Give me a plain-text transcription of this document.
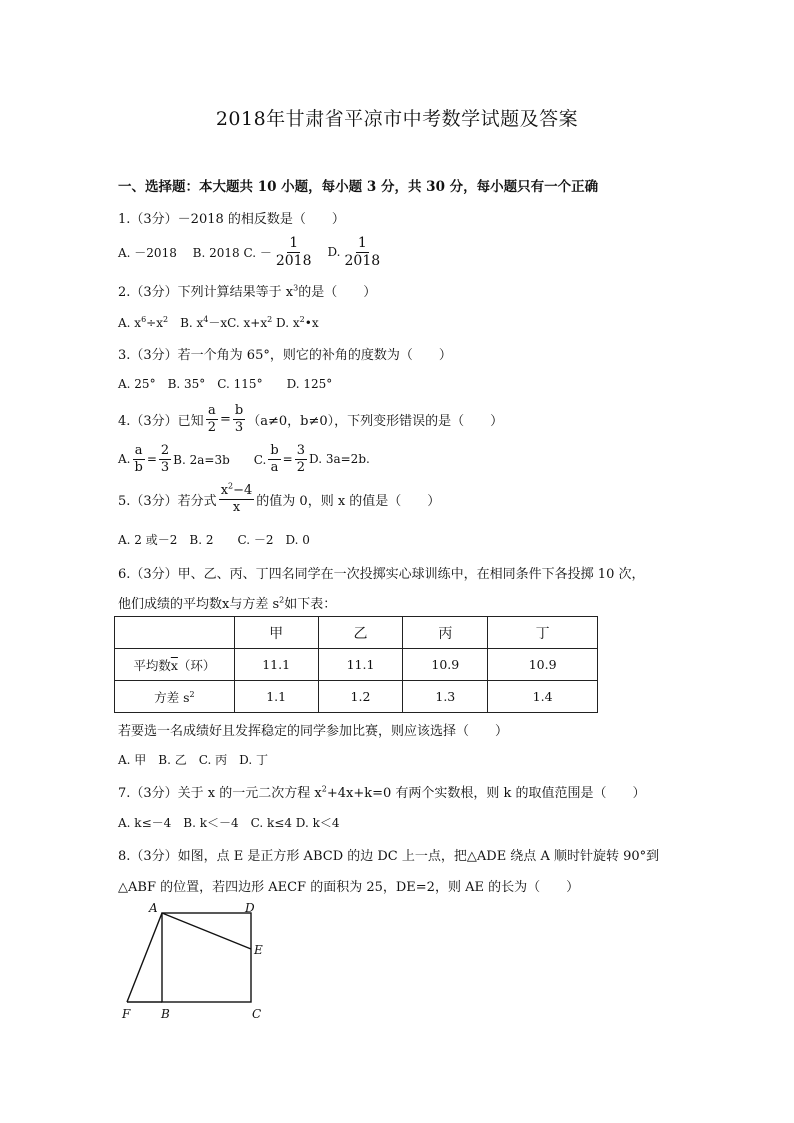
2018年甘肃省平凉市中考数学试题及答案
一、选择题：本大题共 10 小题，每小题 3 分，共 30 分，每小题只有一个正确
1.（3分）－2018 的相反数是（　　）
A. －2018　 B. 2018 C. － $\frac{1}{2018} D$. $\frac{1}{2018}$
2.（3分）下列计算结果等于 $x^3$的是（　　）
A. $x^6\div x^2$　B. $x^4-xC$. $x+x^2$ D. $x^2•x$
3.（3分）若一个角为 65°，则它的补角的度数为（　　）
A. 25°　B. 35°　C. 115°　　D. 125°
4.（3分）已知 $\frac{a}{2} = \frac{b}{3} (a\ne 0$，b≠0），下列变形错误的是（　　）
A. $\frac{a}{b} = \frac{2}{3} B$. 2a=3b　　C. $\frac{b}{a} = \frac{3}{2} D$. 3a=2b.
5.（3分）若分式 $\frac{x^2-4}{x}$ 的值为 0，则 x 的值是（　　）
A. 2 或－2　B. 2　　C. －2　D. 0
6.（3分）甲、乙、丙、丁四名同学在一次投掷实心球训练中，在相同条件下各投掷 10 次，
他们成绩的平均数x与方差 $s^2$如下表：
	甲	乙	丙	丁
平均数$\overline{x}$（环）	11.1	11.1	10.9	10.9
方差 $s^2$	1.1	1.2	1.3	1.4
若要选一名成绩好且发挥稳定的同学参加比赛，则应该选择（　　）
A. 甲　B. 乙　C. 丙　D. 丁
7.（3分）关于 x 的一元二次方程 $x^2+4x+k=0$ 有两个实数根，则 k 的取值范围是（　　）
A. k≤－4　B. k＜－4　C. k≤4 D. k＜4
8.（3分）如图，点 E 是正方形 ABCD 的边 DC 上一点，把△ADE 绕点 A 顺时针旋转 90°到
△ABF 的位置，若四边形 AECF 的面积为 25，DE=2，则 AE 的长为（　　）
A	D
E
F	B	C
